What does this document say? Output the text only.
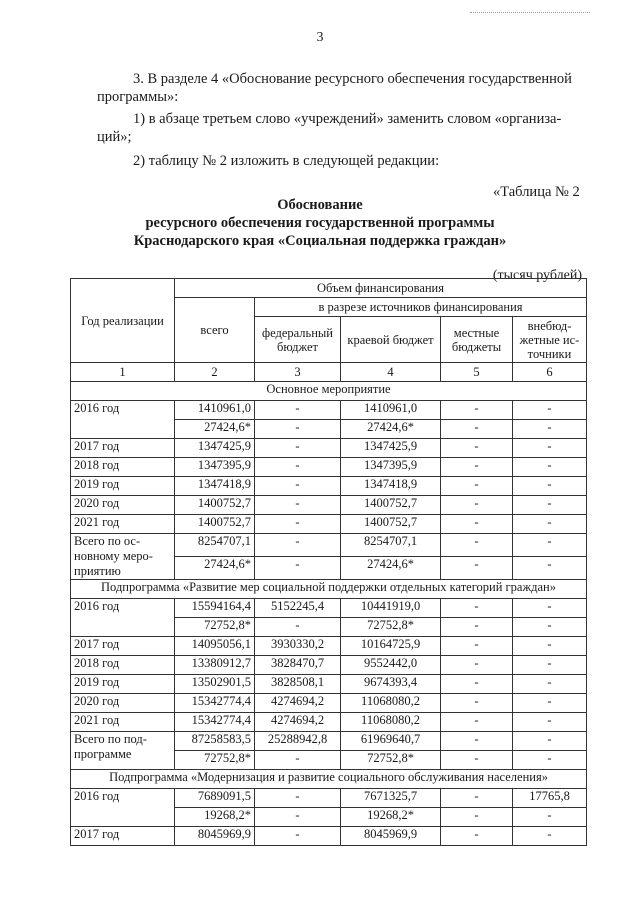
3
3. В разделе 4 «Обоснование ресурсного обеспечения государственной
программы»:
1) в абзаце третьем слово «учреждений» заменить словом «организа-
ций»;
2) таблицу № 2 изложить в следующей редакции:
«Таблица № 2
Обоснование
ресурсного обеспечения государственной программы
Краснодарского края «Социальная поддержка граждан»
(тысяч рублей)
Год реализации	Объем финансирования				
	всего	в разрезе источников финансирования			
		федеральный бюджет	краевой бюджет	местные бюджеты	внебюд-жетные ис-точники
1	2	3	4	5	6
Основное мероприятие					
2016 год	1410961,0	-	1410961,0	-	-
	27424,6*	-	27424,6*	-	-
2017 год	1347425,9	-	1347425,9	-	-
2018 год	1347395,9	-	1347395,9	-	-
2019 год	1347418,9	-	1347418,9	-	-
2020 год	1400752,7	-	1400752,7	-	-
2021 год	1400752,7	-	1400752,7	-	-
Всего по ос-новному меро-приятию	8254707,1	-	8254707,1	-	-
	27424,6*	-	27424,6*	-	-
Подпрограмма «Развитие мер социальной поддержки отдельных категорий граждан»					
2016 год	15594164,4	5152245,4	10441919,0	-	-
	72752,8*	-	72752,8*	-	-
2017 год	14095056,1	3930330,2	10164725,9	-	-
2018 год	13380912,7	3828470,7	9552442,0	-	-
2019 год	13502901,5	3828508,1	9674393,4	-	-
2020 год	15342774,4	4274694,2	11068080,2	-	-
2021 год	15342774,4	4274694,2	11068080,2	-	-
Всего по под-программе	87258583,5	25288942,8	61969640,7	-	-
	72752,8*	-	72752,8*	-	-
Подпрограмма «Модернизация и развитие социального обслуживания населения»					
2016 год	7689091,5	-	7671325,7	-	17765,8
	19268,2*	-	19268,2*	-	-
2017 год	8045969,9	-	8045969,9	-	-
